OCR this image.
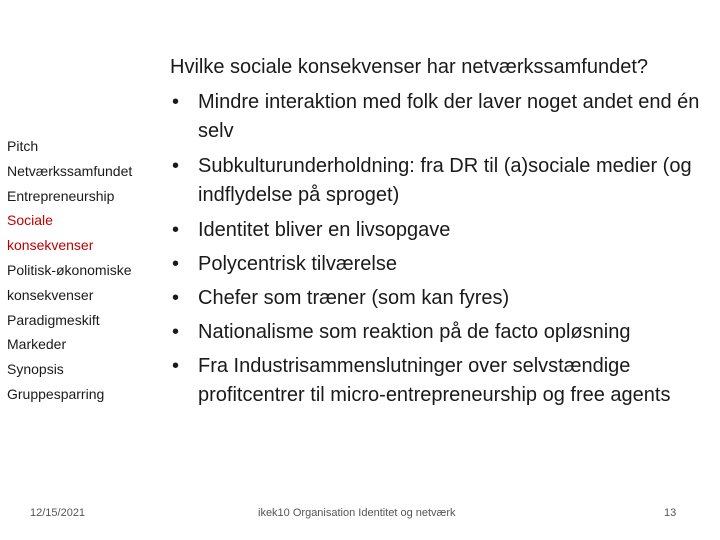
Pitch
Netværkssamfundet
Entrepreneurship
Sociale
konsekvenser
Politisk-økonomiske
konsekvenser
Paradigmeskift
Markeder
Synopsis
Gruppesparring
Hvilke sociale konsekvenser har netværkssamfundet?
• Mindre interaktion med folk der laver noget andet end én selv
• Subkulturunderholdning: fra DR til (a)sociale medier (og indflydelse på sproget)
• Identitet bliver en livsopgave
• Polycentrisk tilværelse
• Chefer som træner (som kan fyres)
• Nationalisme som reaktion på de facto opløsning
• Fra Industrisammenslutninger over selvstændige profitcentrer til micro-entrepreneurship og free agents
12/15/2021	ikek10 Organisation Identitet og netværk	13
